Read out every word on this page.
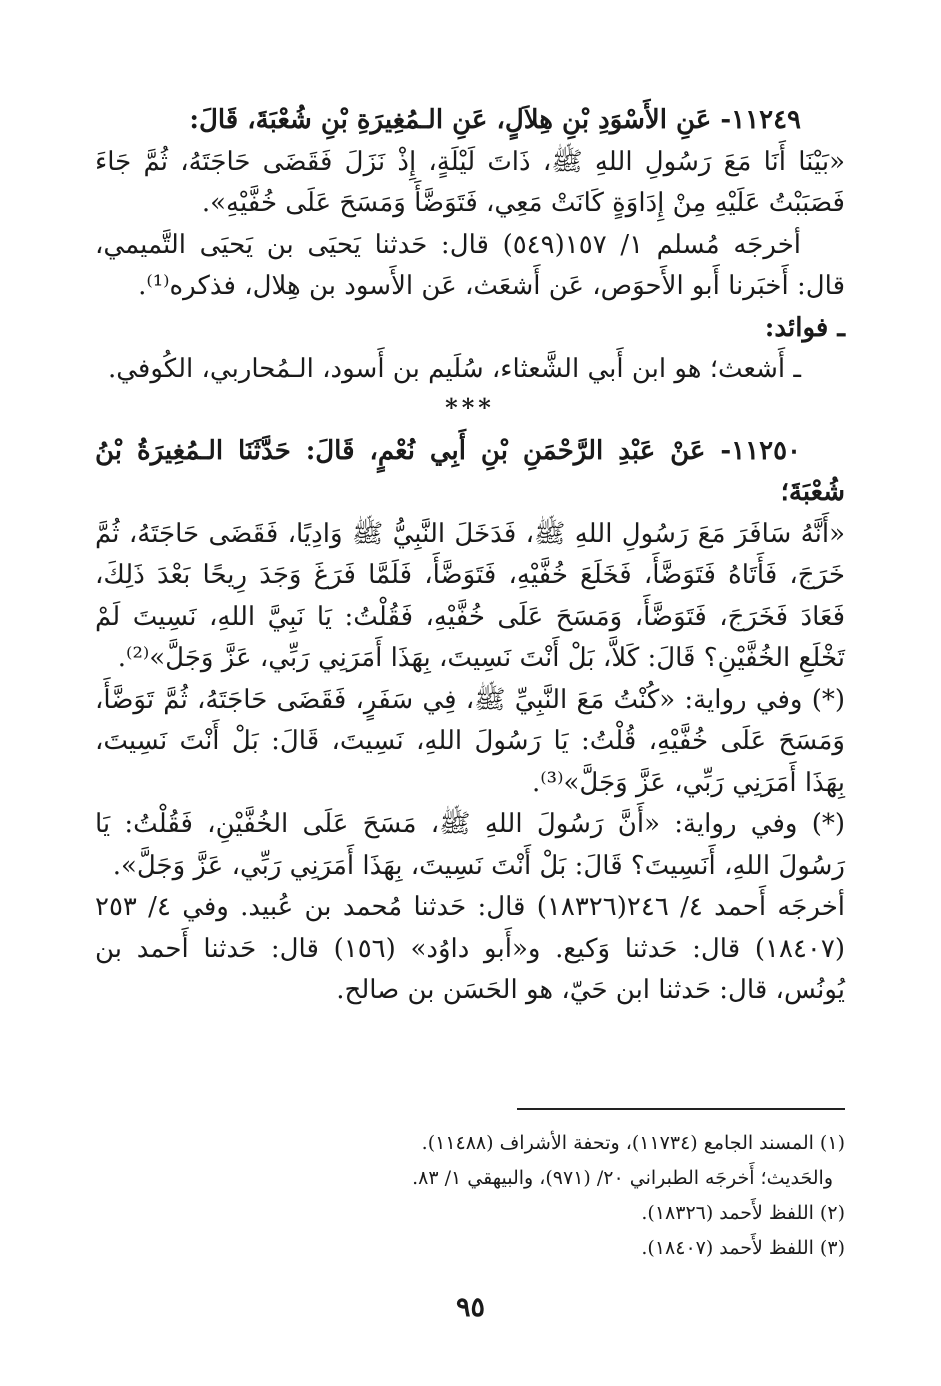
١١٢٤٩- عَنِ الأَسْوَدِ بْنِ هِلاَلٍ، عَنِ الـمُغِيرَةِ بْنِ شُعْبَةَ، قَالَ:

«بَيْنَا أَنَا مَعَ رَسُولِ اللهِ ﷺ، ذَاتَ لَيْلَةٍ، إِذْ نَزَلَ فَقَضَى حَاجَتَهُ، ثُمَّ جَاءَ فَصَبَبْتُ عَلَيْهِ مِنْ إِدَاوَةٍ كَانَتْ مَعِي، فَتَوَضَّأَ وَمَسَحَ عَلَى خُفَّيْهِ».

أخرجَه مُسلم ١/ ١٥٧(٥٤٩) قال: حَدثنا يَحيَى بن يَحيَى التَّميمي، قال: أَخبَرنا أَبو الأَحوَص، عَن أَشعَث، عَن الأَسود بن هِلال، فذكره⁽¹⁾.

ـ فوائد:

ـ أَشعث؛ هو ابن أَبي الشَّعثاء، سُلَيم بن أَسود، الـمُحاربي، الكُوفي.

***

١١٢٥٠- عَنْ عَبْدِ الرَّحْمَنِ بْنِ أَبِي نُعْمٍ، قَالَ: حَدَّثَنَا الـمُغِيرَةُ بْنُ شُعْبَةَ؛

«أَنَّهُ سَافَرَ مَعَ رَسُولِ اللهِ ﷺ، فَدَخَلَ النَّبِيُّ ﷺ وَادِيًا، فَقَضَى حَاجَتَهُ، ثُمَّ خَرَجَ، فَأَتَاهُ فَتَوَضَّأَ، فَخَلَعَ خُفَّيْهِ، فَتَوَضَّأَ، فَلَمَّا فَرَغَ وَجَدَ رِيحًا بَعْدَ ذَلِكَ، فَعَادَ فَخَرَجَ، فَتَوَضَّأَ، وَمَسَحَ عَلَى خُفَّيْهِ، فَقُلْتُ: يَا نَبِيَّ اللهِ، نَسِيتَ لَمْ تَخْلَعِ الخُفَّيْنِ؟ قَالَ: كَلاَّ، بَلْ أَنْتَ نَسِيتَ، بِهَذَا أَمَرَنِي رَبِّي، عَزَّ وَجَلَّ»⁽²⁾.

(*) وفي رواية: «كُنْتُ مَعَ النَّبِيِّ ﷺ، فِي سَفَرٍ، فَقَضَى حَاجَتَهُ، ثُمَّ تَوَضَّأَ، وَمَسَحَ عَلَى خُفَّيْهِ، قُلْتُ: يَا رَسُولَ اللهِ، نَسِيتَ، قَالَ: بَلْ أَنْتَ نَسِيتَ، بِهَذَا أَمَرَنِي رَبِّي، عَزَّ وَجَلَّ»⁽³⁾.

(*) وفي رواية: «أَنَّ رَسُولَ اللهِ ﷺ، مَسَحَ عَلَى الخُفَّيْنِ، فَقُلْتُ: يَا رَسُولَ اللهِ، أَنَسِيتَ؟ قَالَ: بَلْ أَنْتَ نَسِيتَ، بِهَذَا أَمَرَنِي رَبِّي، عَزَّ وَجَلَّ».

أخرجَه أَحمد ٤/ ٢٤٦(١٨٣٢٦) قال: حَدثنا مُحمد بن عُبيد. وفي ٤/ ٢٥٣ (١٨٤٠٧) قال: حَدثنا وَكيع. و«أَبو داوُد» (١٥٦) قال: حَدثنا أَحمد بن يُونُس، قال: حَدثنا ابن حَيّ، هو الحَسَن بن صالح.

(١) المسند الجامع (١١٧٣٤)، وتحفة الأشراف (١١٤٨٨).

والحَديث؛ أَخرجَه الطبراني ٢٠/ (٩٧١)، والبيهقي ١/ ٨٣.

(٢) اللفظ لأَحمد (١٨٣٢٦).

(٣) اللفظ لأَحمد (١٨٤٠٧).

٩٥
